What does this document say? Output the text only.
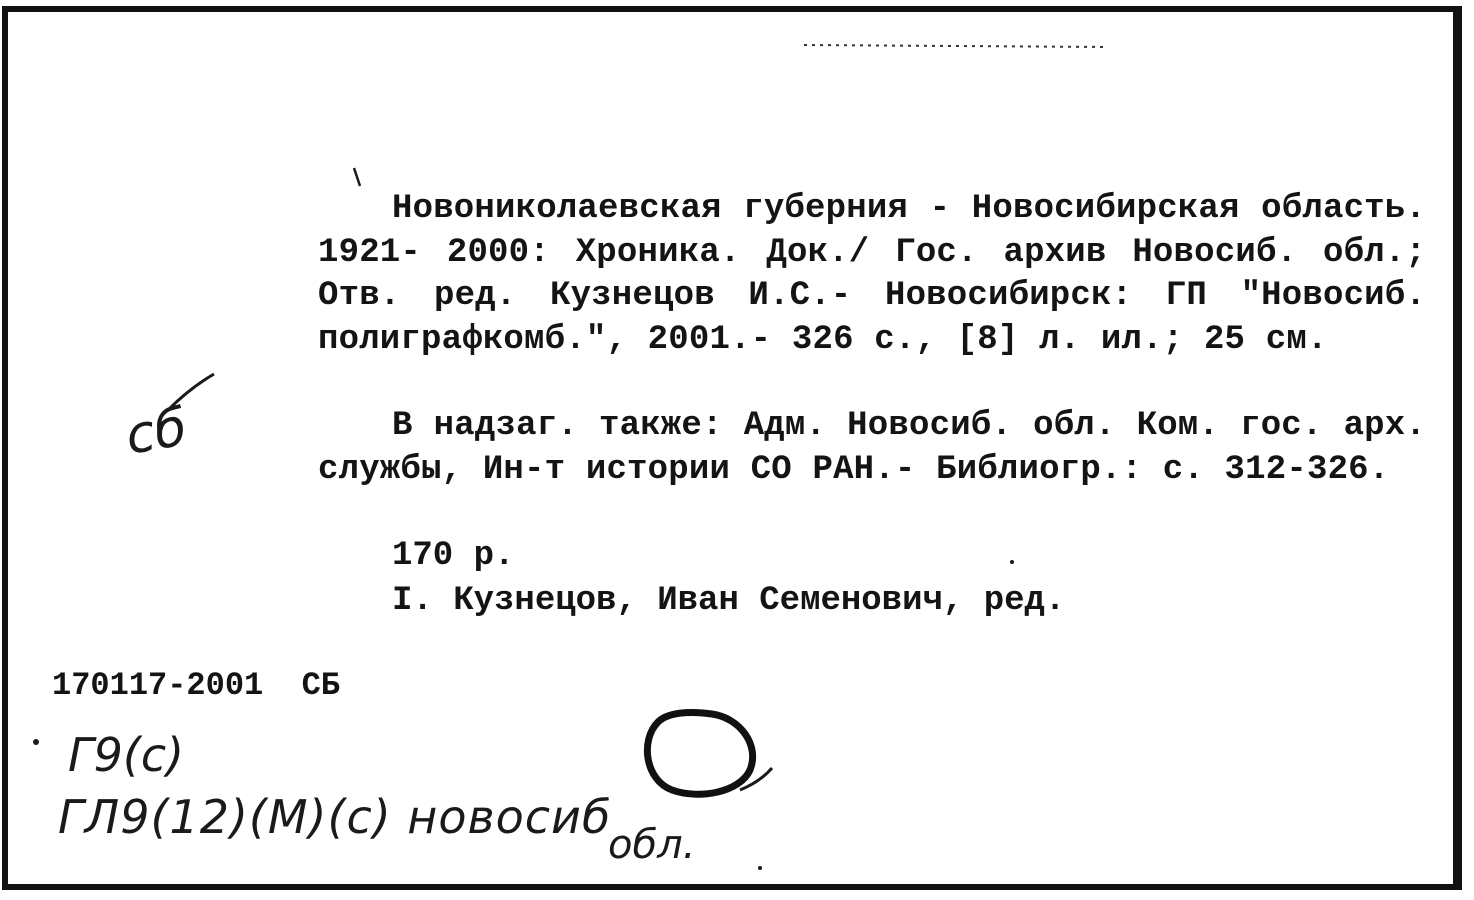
Новониколаевская губерния - Новосибирская область. 1921- 2000: Хроника. Док./ Гос. архив Новосиб. обл.; Отв. ред. Кузнецов И.С.- Новосибирск: ГП "Новосиб. полиграфкомб.", 2001.- 326 с., [8] л. ил.; 25 см.
В надзаг. также: Адм. Новосиб. обл. Ком. гос. арх. службы, Ин-т истории СО РАН.- Библиогр.: с. 312-326.
170 р.
I. Кузнецов, Иван Семенович, ред.
170117-2001  СБ
сб
Г9(с)
ГЛ9(12)(М)(с) новосиб
обл.
